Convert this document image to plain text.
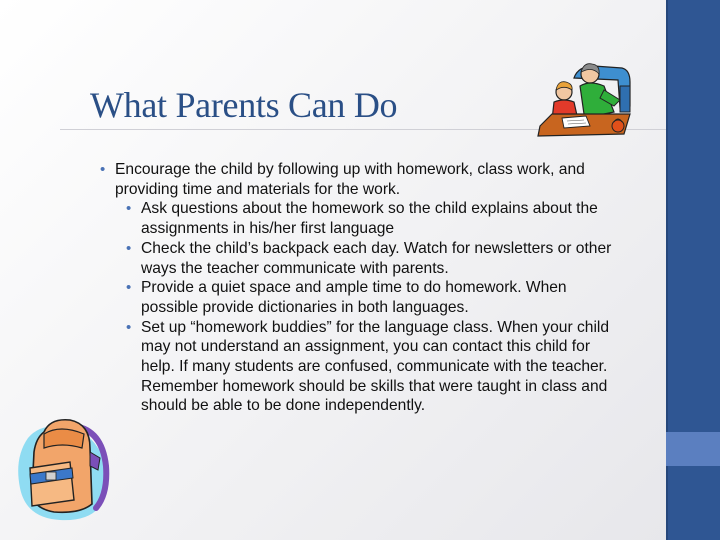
What Parents Can Do

• Encourage the child by following up with homework, class work, and providing time and materials for the work.

• Ask questions about the homework so the child explains about the assignments in his/her first language

• Check the child’s backpack each day. Watch for newsletters or other ways the teacher communicate with parents.

• Provide a quiet space and ample time to do homework. When possible provide dictionaries in both languages.

• Set up “homework buddies” for the language class. When your child may not understand an assignment, you can contact this child for help. If many students are confused, communicate with the teacher. Remember homework should be skills that were taught in class and should be able to be done independently.
